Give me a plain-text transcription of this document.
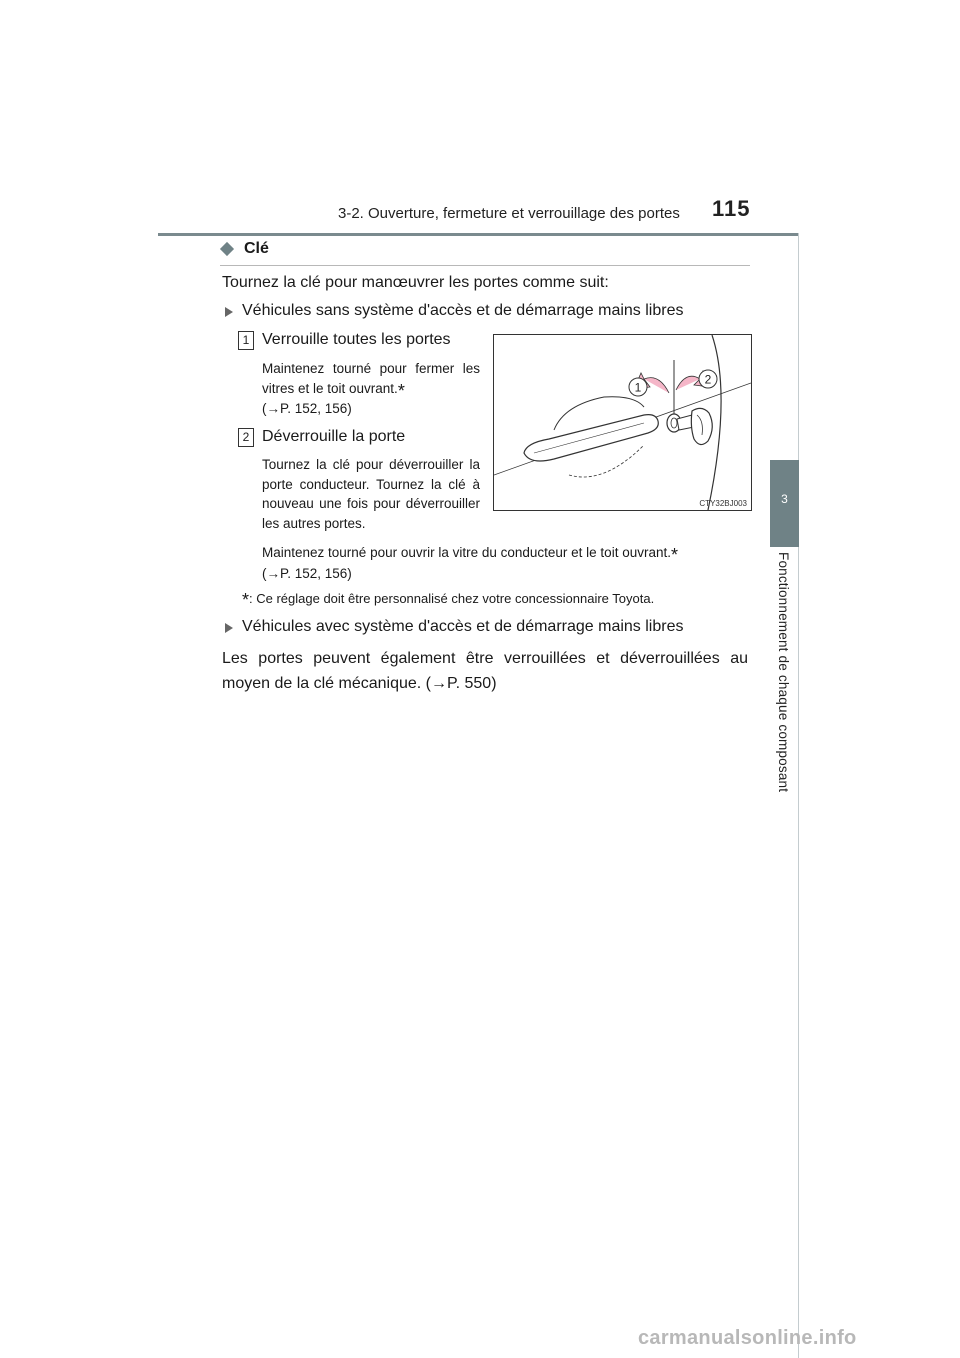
3-2. Ouverture, fermeture et verrouillage des portes 115
3
Fonctionnement de chaque composant
Clé
Tournez la clé pour manœuvrer les portes comme suit:
Véhicules sans système d'accès et de démarrage mains libres
1 Verrouille toutes les portes
Maintenez tourné pour fermer les vitres et le toit ouvrant.*
(→P. 152, 156)
2 Déverrouille la porte
Tournez la clé pour déverrouiller la porte conducteur. Tournez la clé à nouveau une fois pour déverrouiller les autres portes.
Maintenez tourné pour ouvrir la vitre du conducteur et le toit ouvrant.*
(→P. 152, 156)
*: Ce réglage doit être personnalisé chez votre concessionnaire Toyota.
Véhicules avec système d'accès et de démarrage mains libres
Les portes peuvent également être verrouillées et déverrouillées au moyen de la clé mécanique. (→P. 550)
1
2
CTY32BJ003
carmanualsonline.info
